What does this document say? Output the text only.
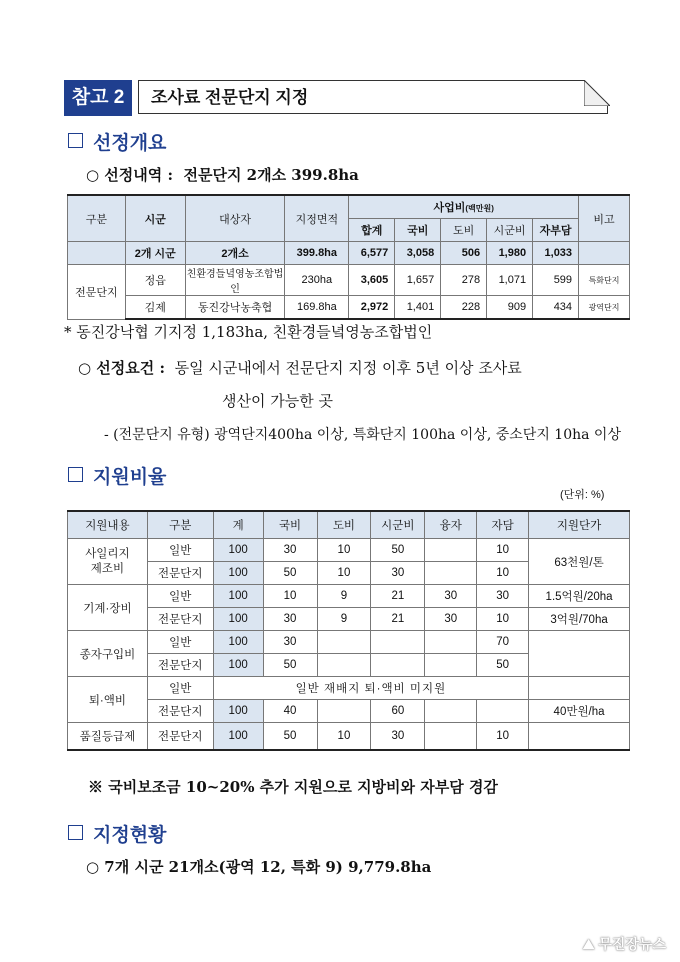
참고 2	조사료 전문단지 지정
선정개요
○ 선정내역 : 전문단지 2개소 399.8ha
구분	시군	대상자	지정면적	사업비(백만원)					비고
				합계	국비	도비	시군비	자부담	
	2개 시군	2개소	399.8ha	6,577	3,058	506	1,980	1,033	
전문단지	정읍	친환경들녘영농조합법인	230ha	3,605	1,657	278	1,071	599	특화단지
	김제	동진강낙농축협	169.8ha	2,972	1,401	228	909	434	광역단지
* 동진강낙협 기지정 1,183ha, 친환경들녘영농조합법인
○ 선정요건 : 동일 시군내에서 전문단지 지정 이후 5년 이상 조사료
생산이 가능한 곳
- (전문단지 유형) 광역단지400ha 이상, 특화단지 100ha 이상, 중소단지 10ha 이상
지원비율
(단위: %)
지원내용	구분	계	국비	도비	시군비	융자	자담	지원단가
사일리지
제조비	일반	100	30	10	50		10	63천원/톤
	전문단지	100	50	10	30		10	
기계·장비	일반	100	10	9	21	30	30	1.5억원/20ha
	전문단지	100	30	9	21	30	10	3억원/70ha
종자구입비	일반	100	30				70	
	전문단지	100	50				50	
퇴·액비	일반	일반 재배지 퇴·액비 미지원						
	전문단지	100	40		60			40만원/ha
품질등급제	전문단지	100	50	10	30		10	
※ 국비보조금 10~20% 추가 지원으로 지방비와 자부담 경감
지정현황
○ 7개 시군 21개소(광역 12, 특화 9) 9,779.8ha
⛰ 무진장뉴스
